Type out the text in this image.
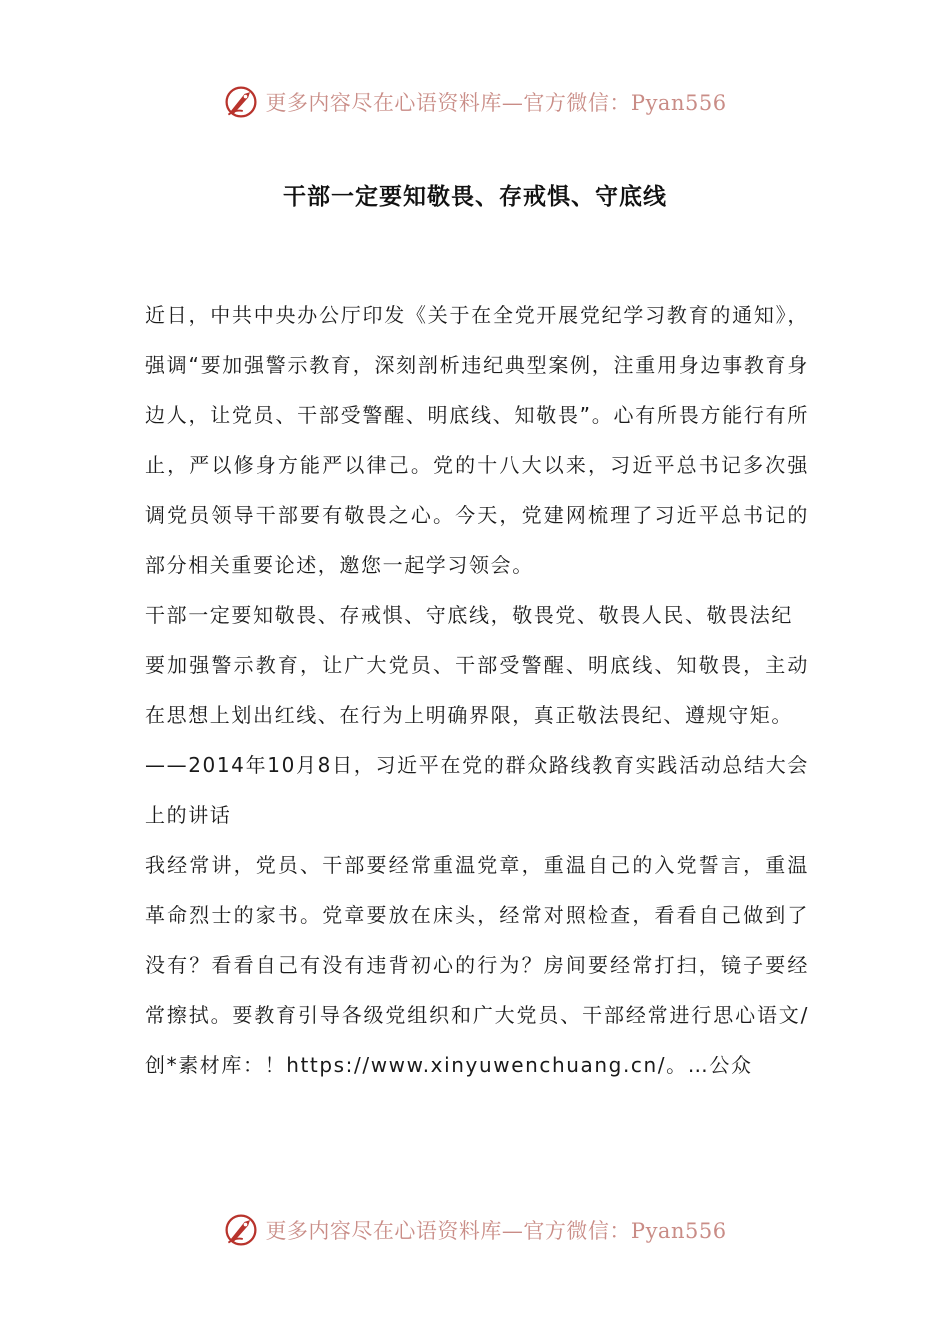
更多内容尽在心语资料库—官方微信：Pyan556
干部一定要知敬畏、存戒惧、守底线

近日，中共中央办公厅印发《关于在全党开展党纪学习教育的通知》，强调“要加强警示教育，深刻剖析违纪典型案例，注重用身边事教育身边人，让党员、干部受警醒、明底线、知敬畏”。心有所畏方能行有所止，严以修身方能严以律己。党的十八大以来，习近平总书记多次强调党员领导干部要有敬畏之心。今天，党建网梳理了习近平总书记的部分相关重要论述，邀您一起学习领会。

干部一定要知敬畏、存戒惧、守底线，敬畏党、敬畏人民、敬畏法纪

要加强警示教育，让广大党员、干部受警醒、明底线、知敬畏，主动在思想上划出红线、在行为上明确界限，真正敬法畏纪、遵规守矩。

——2014年10月8日，习近平在党的群众路线教育实践活动总结大会上的讲话

我经常讲，党员、干部要经常重温党章，重温自己的入党誓言，重温革命烈士的家书。党章要放在床头，经常对照检查，看看自己做到了没有？看看自己有没有违背初心的行为？房间要经常打扫，镜子要经常擦拭。要教育引导各级党组织和广大党员、干部经常进行思心语文/创*素材库：！https://www.xinyuwenchuang.cn/。…公众

更多内容尽在心语资料库—官方微信：Pyan556
